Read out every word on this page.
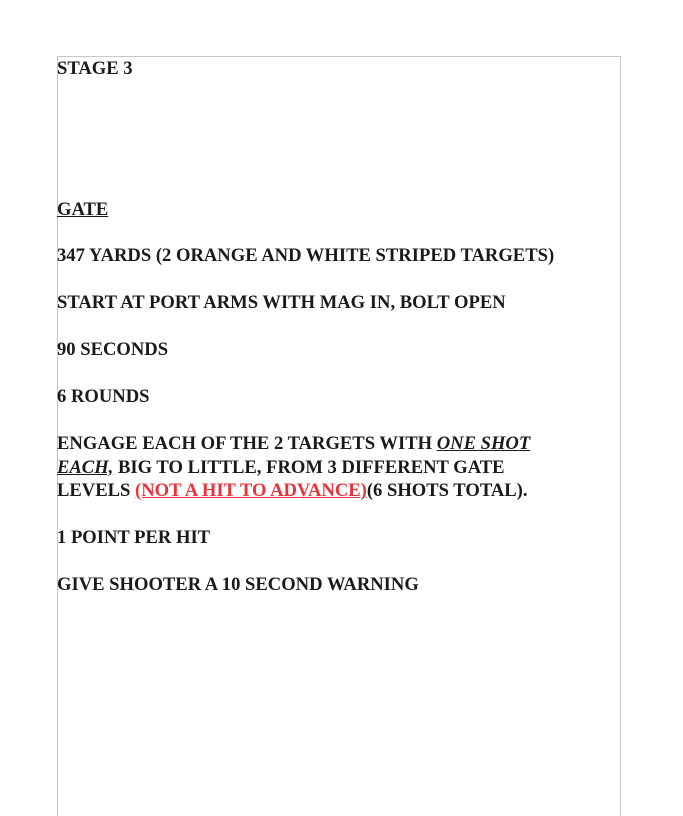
STAGE 3
GATE
347 YARDS (2 ORANGE AND WHITE STRIPED TARGETS)
START AT PORT ARMS WITH MAG IN, BOLT OPEN
90 SECONDS
6 ROUNDS
ENGAGE EACH OF THE 2 TARGETS WITH ONE SHOT
EACH, BIG TO LITTLE, FROM 3 DIFFERENT GATE
LEVELS (NOT A HIT TO ADVANCE)(6 SHOTS TOTAL).
1 POINT PER HIT
GIVE SHOOTER A 10 SECOND WARNING
